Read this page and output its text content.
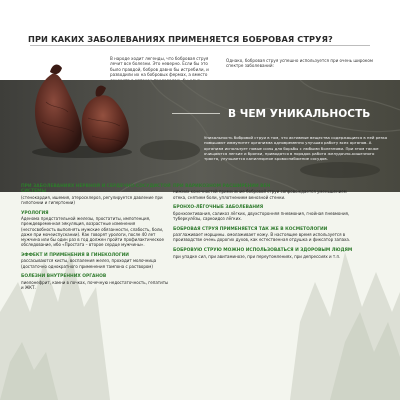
ПРИ КАКИХ ЗАБОЛЕВАНИЯХ ПРИМЕНЯЕТСЯ БОБРОВАЯ СТРУЯ?
В народе ходит легенды, что бобровая струя лечит все болезни. Это неверно. Если бы это было правдой, бобров давно бы истребили, и разводили их на бобровых фермах, а вместо
Однако, бобровая струя успешно используется при очень широком спектре заболеваний:
В ЧЕМ УНИКАЛЬНОСТЬ
Уникальность бобровой струи в том, что активные вещества содержащиеся в ней резко повышают иммунитет организма одновременно улучшая работу всех органов. А организм использует новые силы для борьбы с любыми болезнями. При этом также очищаются легкие и бронхи, приводятся в порядок работа желудочно-кишечного тракта, улучшается капиллярное кровоснабжение сосудов.
ПРИ ЗАБОЛЕВАНИЯХ НЕРВНОЙ И СЕРДЕЧНО-СОСУДИСТОЙ СИСТЕМЫ
(стенокардия, ишемия, атеросклероз, регулируется давление при гипотонии и гипертонии)
УРОЛОГИЯ
Аденома предстательной железы, простатиты, импотенция, преждевременная эякуляция, возрастные изменения (несгосвобность выполнять мужские обязанности, слабость, боли, даже при мочеиспускании). Как говорят урологи, после 40 лет мужчина или бы один раз в год должен пройти профилактическое обследование, ибо «Простата – второе сердце мужчины».
ЭФФЕКТ И ПРИМЕНЕНИЯ В ГИНЕКОЛОГИИ
рассасываются кисты, воспаления желез, проходит молочница (достаточно однократного применения тампона с раствором)
БОЛЕЗНИ ВНУТРЕННИХ ОРГАНОВ
пиелонефрит, камни в почках, почечную недостаточность, гепатиты и ЖКТ.
ПРИ ВАРИКОЗНОМ РАСШИРЕНИИ ВЕН
нижних конечностей применение бобровой струи сопровождается уменьшением отека, снятием боли, уплотнением венозной стенки.
БРОНХО-ЛЁГОЧНЫЕ ЗАБОЛЕВАНИЯ
бронхоэктивания, саликоз лёгких, двухсторонняя пневмония, гнойная пневмония, туберкулёзы, саркоидоз лёгких.
БОБРОВАЯ СТРУЯ ПРИМЕНЯЕТСЯ ТАК ЖЕ В КОСМЕТОЛОГИИ
разглаживает морщины. омолаживает кожу. В настоящее время используется в производстве очень дорогих духов, как естественная отдушка и фиксатор запаха.
БОБРОВУЮ СТРУЮ МОЖНО ИСПОЛЬЗОВАТЬСЯ И ЗДОРОВЫМ ЛЮДЯМ
при упадке сил, при авитаминозе, при переутомлениях, при депрессиях и т.п.
